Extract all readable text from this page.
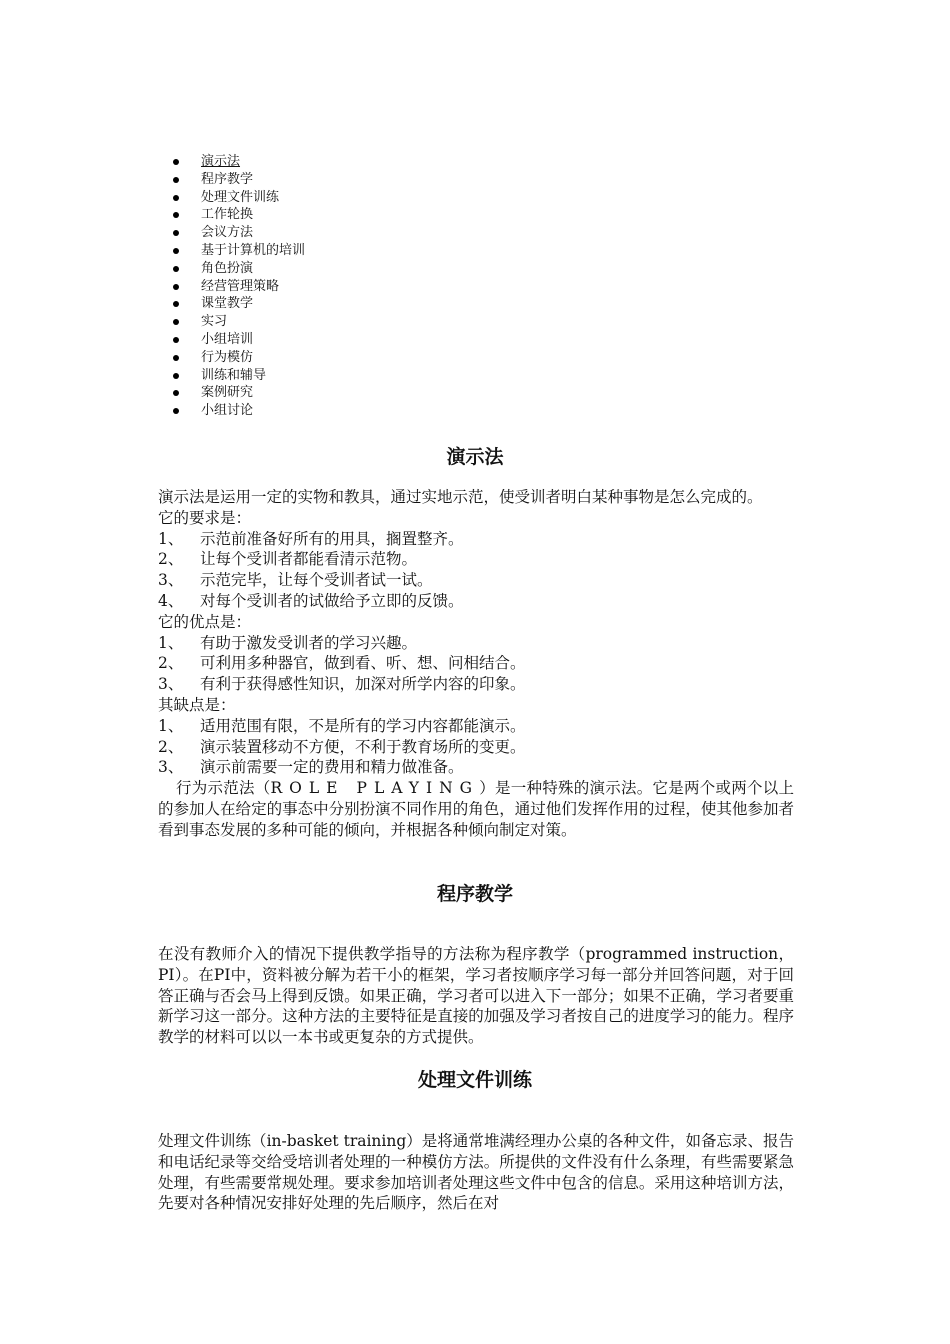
演示法
程序教学
处理文件训练
工作轮换
会议方法
基于计算机的培训
角色扮演
经营管理策略
课堂教学
实习
小组培训
行为模仿
训练和辅导
案例研究
小组讨论
演示法
演示法是运用一定的实物和教具，通过实地示范，使受训者明白某种事物是怎么完成的。
它的要求是：
1、	示范前准备好所有的用具，搁置整齐。
2、	让每个受训者都能看清示范物。
3、	示范完毕，让每个受训者试一试。
4、	对每个受训者的试做给予立即的反馈。
它的优点是：
1、	有助于激发受训者的学习兴趣。
2、	可利用多种器官，做到看、听、想、问相结合。
3、	有利于获得感性知识，加深对所学内容的印象。
其缺点是：
1、	适用范围有限，不是所有的学习内容都能演示。
2、	演示装置移动不方便，不利于教育场所的变更。
3、	演示前需要一定的费用和精力做准备。
行为示范法（ROLE PLAYING）是一种特殊的演示法。它是两个或两个以上的参加人在给定的事态中分别扮演不同作用的角色，通过他们发挥作用的过程，使其他参加者看到事态发展的多种可能的倾向，并根据各种倾向制定对策。
程序教学
在没有教师介入的情况下提供教学指导的方法称为程序教学（programmed instruction，PI）。在PI中，资料被分解为若干小的框架，学习者按顺序学习每一部分并回答问题，对于回答正确与否会马上得到反馈。如果正确，学习者可以进入下一部分；如果不正确，学习者要重新学习这一部分。这种方法的主要特征是直接的加强及学习者按自己的进度学习的能力。程序教学的材料可以以一本书或更复杂的方式提供。
处理文件训练
处理文件训练（in-basket training）是将通常堆满经理办公桌的各种文件，如备忘录、报告和电话纪录等交给受培训者处理的一种模仿方法。所提供的文件没有什么条理，有些需要紧急处理，有些需要常规处理。要求参加培训者处理这些文件中包含的信息。采用这种培训方法，先要对各种情况安排好处理的先后顺序，然后在对
